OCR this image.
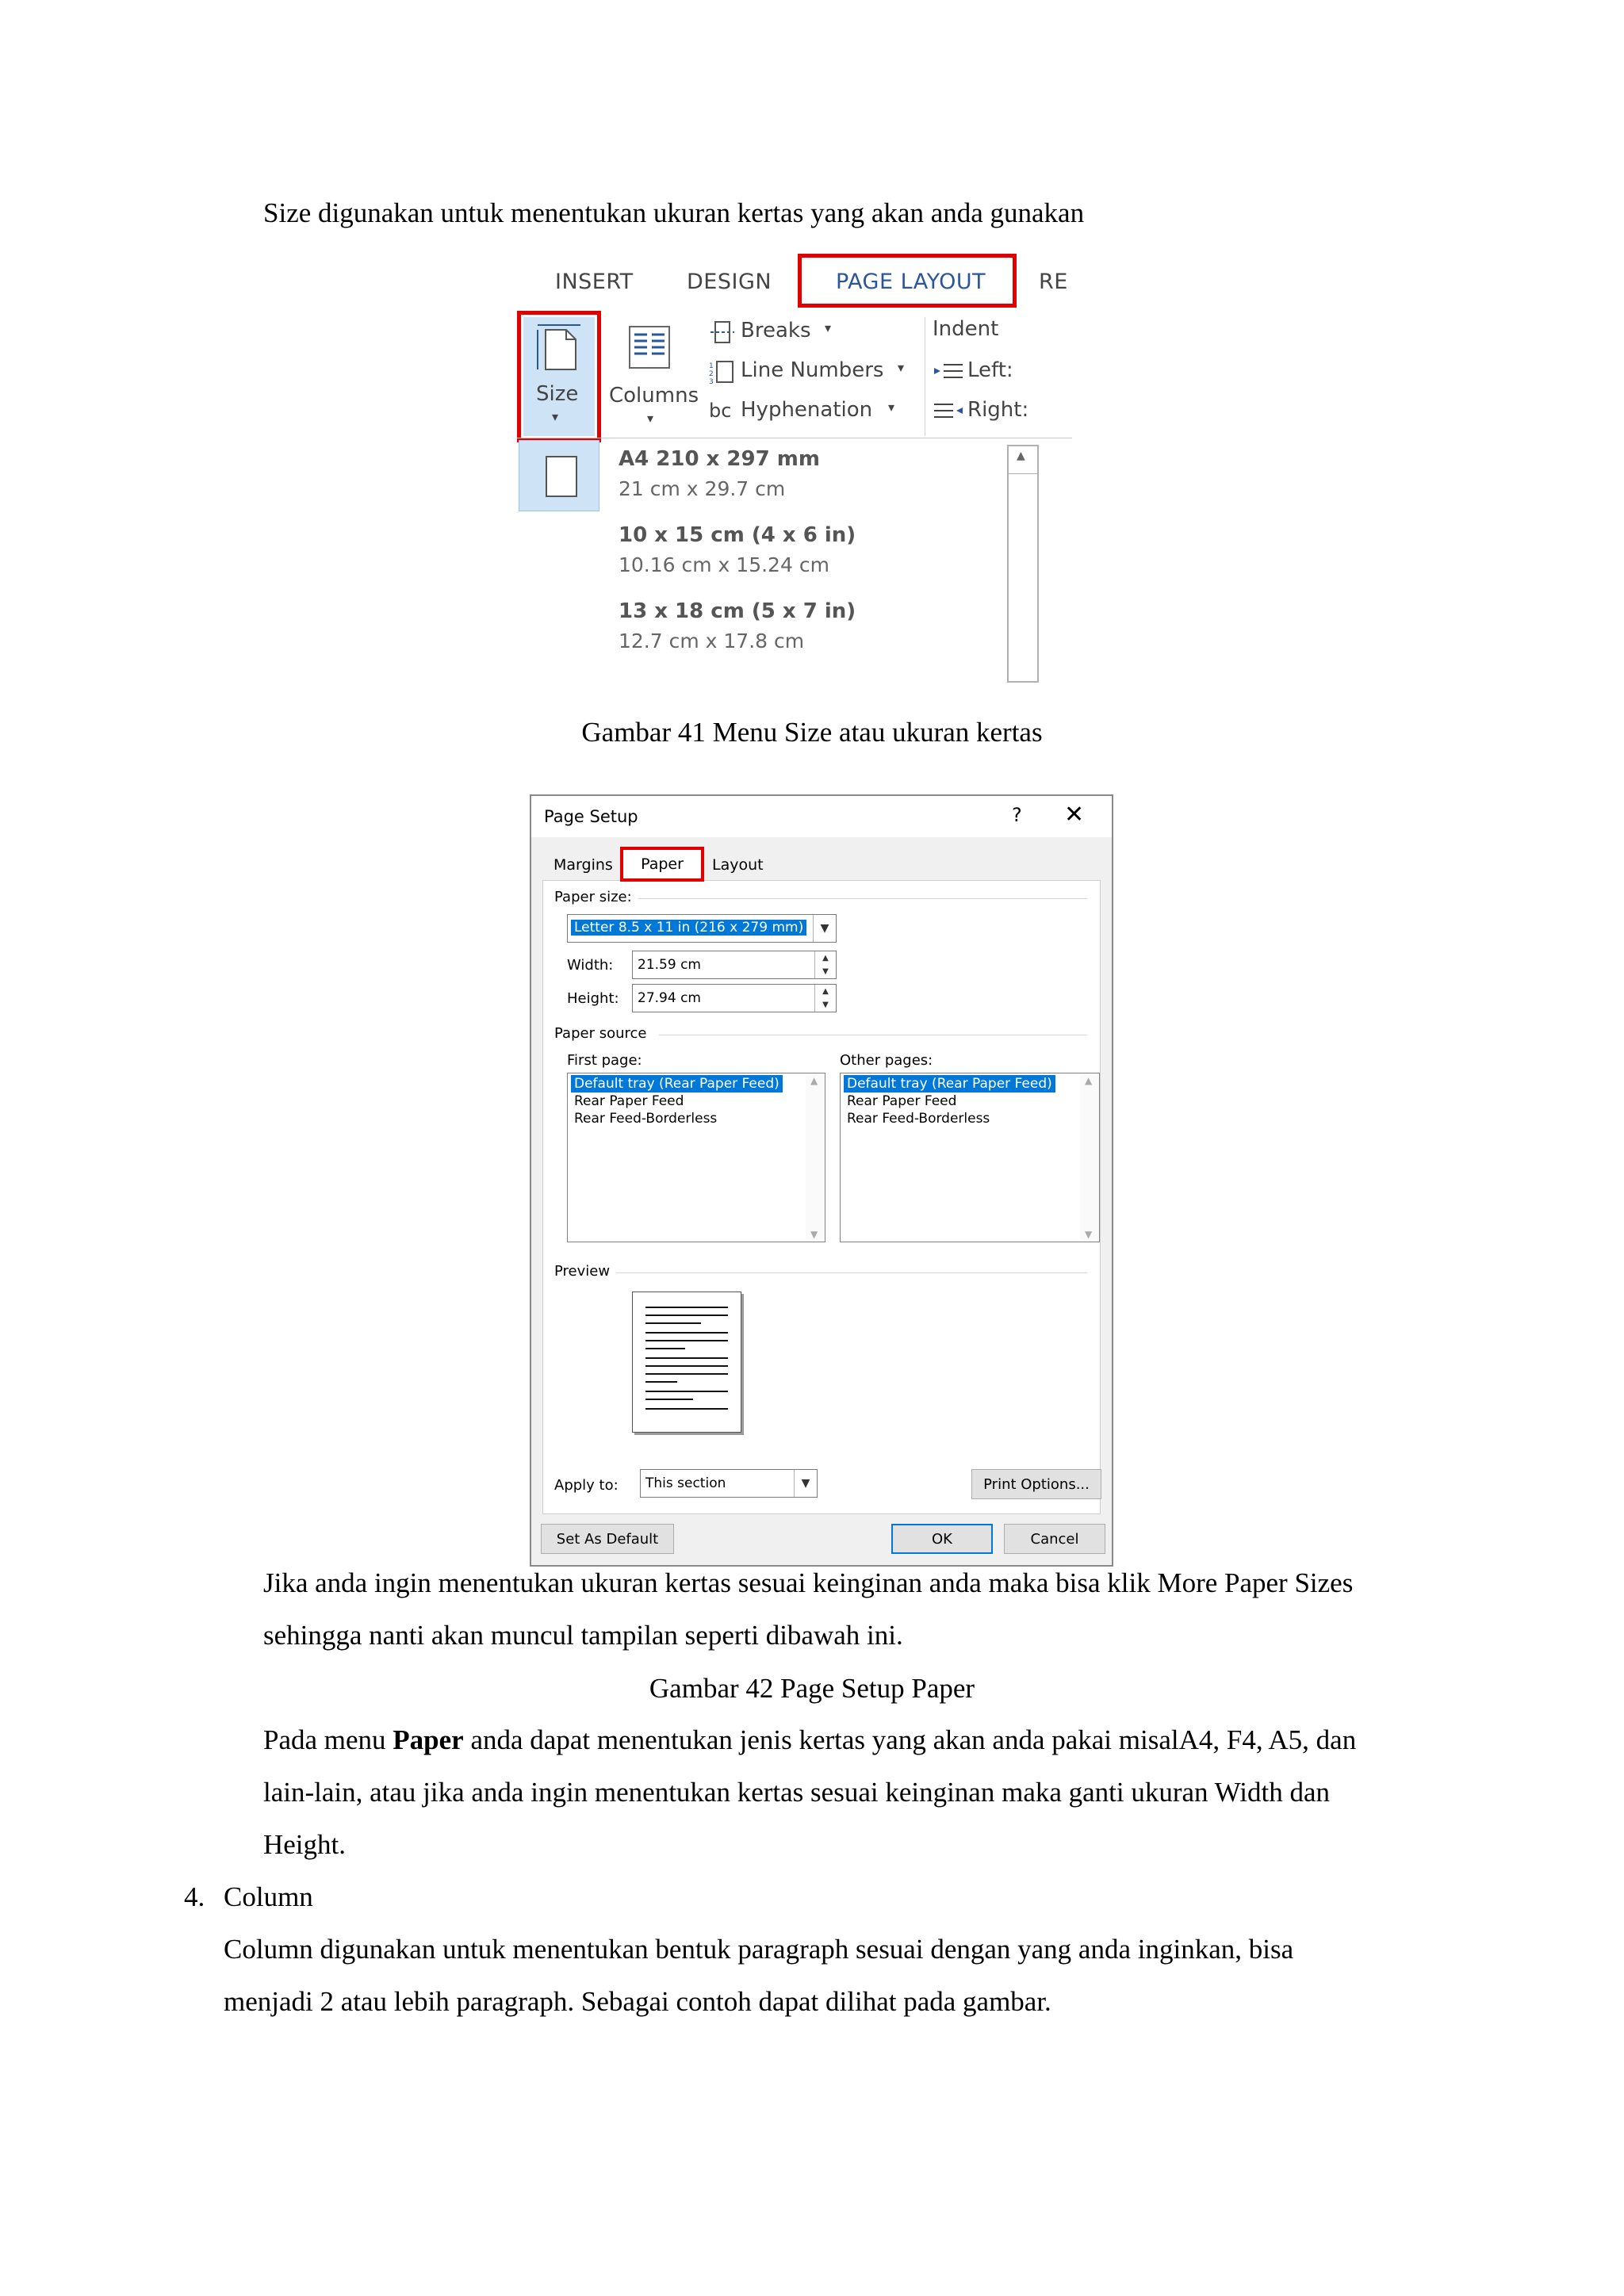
Size digunakan untuk menentukan ukuran kertas yang akan anda gunakan
INSERT DESIGN	PAGE LAYOUT RE
Size
▾
Columns
▾
Breaks ▾
1
2
3 Line Numbers ▾
bc Hyphenation ▾
Indent
Left:
Right:
▲
A4 210 x 297 mm
21 cm x 29.7 cm
10 x 15 cm (4 x 6 in)
10.16 cm x 15.24 cm
13 x 18 cm (5 x 7 in)
12.7 cm x 17.8 cm
Gambar 41 Menu Size atau ukuran kertas
Page Setup	? ✕
Margins Paper Layout
Paper size:
Letter 8.5 x 11 in (216 x 279 mm)	▼
Width: 21.59 cm	▲
▼
Height: 27.94 cm	▲
▼
Paper source
First page:
Default tray (Rear Paper Feed)
Rear Paper Feed
Rear Feed-Borderless
▲
▼
Other pages:
Default tray (Rear Paper Feed)
Rear Paper Feed
Rear Feed-Borderless
▲
▼
Preview
Apply to: This section	▼	Print Options...
Set As Default	OK	Cancel
Jika anda ingin menentukan ukuran kertas sesuai keinginan anda maka bisa klik More Paper Sizes
sehingga nanti akan muncul tampilan seperti dibawah ini.
Gambar 42 Page Setup Paper
Pada menu Paper anda dapat menentukan jenis kertas yang akan anda pakai misalA4, F4, A5, dan
lain-lain, atau jika anda ingin menentukan kertas sesuai keinginan maka ganti ukuran Width dan
Height.
4. Column
Column digunakan untuk menentukan bentuk paragraph sesuai dengan yang anda inginkan, bisa
menjadi 2 atau lebih paragraph. Sebagai contoh dapat dilihat pada gambar.
